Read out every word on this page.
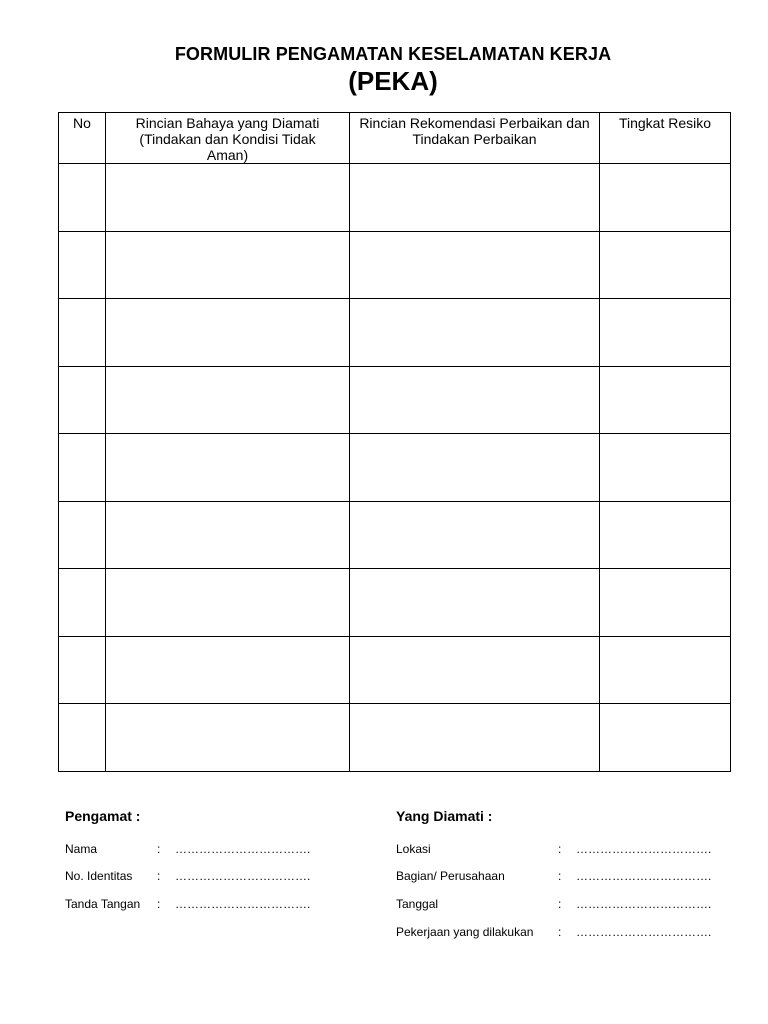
FORMULIR PENGAMATAN KESELAMATAN KERJA
(PEKA)
No	Rincian Bahaya yang Diamati (Tindakan dan Kondisi Tidak Aman)	Rincian Rekomendasi Perbaikan dan Tindakan Perbaikan	Tingkat Resiko

Pengamat :
Nama	: …………………………….
No. Identitas : …………………………….
Tanda Tangan : …………………………….
Yang Diamati :
Lokasi	: …………………………….
Bagian/ Perusahaan	: …………………………….
Tanggal	: …………………………….
Pekerjaan yang dilakukan : …………………………….
